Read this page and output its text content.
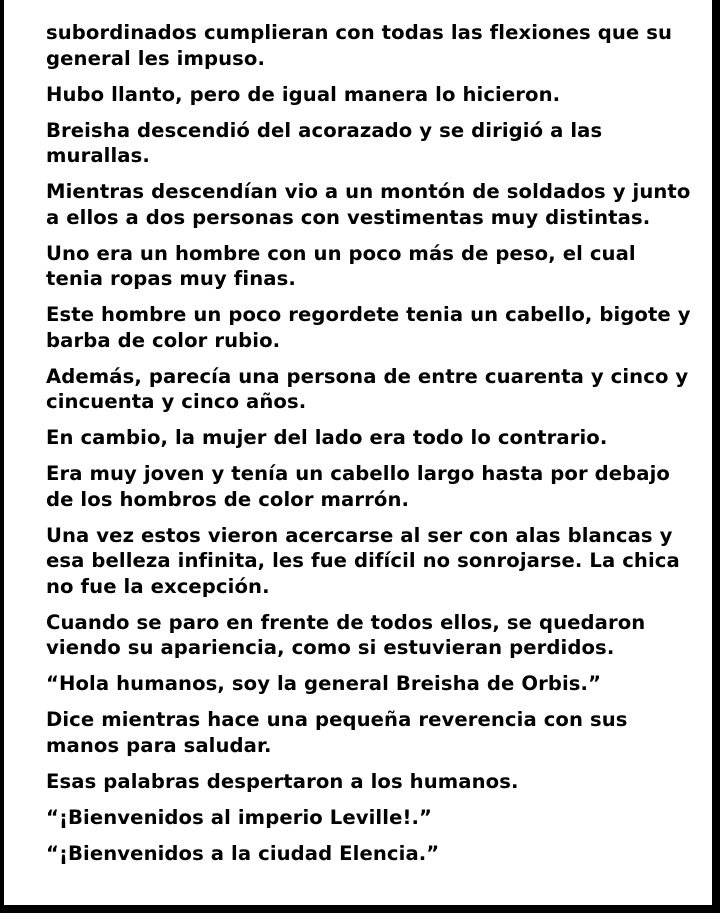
subordinados cumplieran con todas las flexiones que su general les impuso.

Hubo llanto, pero de igual manera lo hicieron.

Breisha descendió del acorazado y se dirigió a las murallas.

Mientras descendían vio a un montón de soldados y junto a ellos a dos personas con vestimentas muy distintas.

Uno era un hombre con un poco más de peso, el cual tenia ropas muy finas.

Este hombre un poco regordete tenia un cabello, bigote y barba de color rubio.

Además, parecía una persona de entre cuarenta y cinco y cincuenta y cinco años.

En cambio, la mujer del lado era todo lo contrario.

Era muy joven y tenía un cabello largo hasta por debajo de los hombros de color marrón.

Una vez estos vieron acercarse al ser con alas blancas y esa belleza infinita, les fue difícil no sonrojarse. La chica no fue la excepción.

Cuando se paro en frente de todos ellos, se quedaron viendo su apariencia, como si estuvieran perdidos.

“Hola humanos, soy la general Breisha de Orbis.”

Dice mientras hace una pequeña reverencia con sus manos para saludar.

Esas palabras despertaron a los humanos.

“¡Bienvenidos al imperio Leville!.”

“¡Bienvenidos a la ciudad Elencia.”
